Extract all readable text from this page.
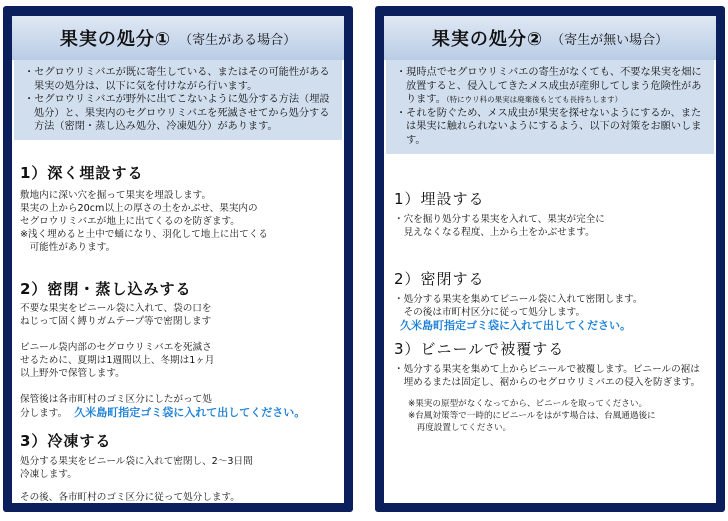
果実の処分① （寄生がある場合）
・セグロウリミバエが既に寄生している、またはその可能性がある果実の処分は、以下に気を付けながら行います。
・セグロウリミバエが野外に出てこないように処分する方法（埋設処分）と、果実内のセグロウリミバエを死滅させてから処分する方法（密閉・蒸し込み処分、冷凍処分）があります。
1）深く埋設する
敷地内に深い穴を掘って果実を埋設します。
果実の上から20cm以上の厚さの土をかぶせ、果実内の
セグロウリミバエが地上に出てくるのを防ぎます。
※浅く埋めると土中で蛹になり、羽化して地上に出てくる
　可能性があります。
2）密閉・蒸し込みする
不要な果実をビニール袋に入れて、袋の口を
ねじって固く縛りガムテープ等で密閉します
ビニール袋内部のセグロウリミバエを死滅さ
せるために、夏期は1週間以上、冬期は1ヶ月
以上野外で保管します。
保管後は各市町村のゴミ区分にしたがって処
分します。 久米島町指定ゴミ袋に入れて出してください。
3）冷凍する
処分する果実をビニール袋に入れて密閉し、2～3日間
冷凍します。
その後、各市町村のゴミ区分に従って処分します。
果実の処分② （寄生が無い場合）
・現時点でセグロウリミバエの寄生がなくても、不要な果実を畑に放置すると、侵入してきたメス成虫が産卵してしまう危険性があります。（特にウリ科の果実は廃棄後もとても長持ちします）
・それを防ぐため、メス成虫が果実を探せないようにするか、または果実に触れられないようにするよう、以下の対策をお願いします。
1）埋設する
・穴を掘り処分する果実を入れて、果実が完全に
　見えなくなる程度、上から土をかぶせます。
2）密閉する
・処分する果実を集めてビニール袋に入れて密閉します。
　その後は市町村区分に従って処分します。
久米島町指定ゴミ袋に入れて出してください。
3）ビニールで被覆する
・処分する果実を集めて上からビニールで被覆します。ビニールの裾は
　埋めるまたは固定し、裾からのセグロウリミバエの侵入を防ぎます。
※果実の原型がなくなってから、ビニールを取ってください。
※台風対策等で一時的にビニールをはがす場合は、台風通過後に
　再度設置してください。
